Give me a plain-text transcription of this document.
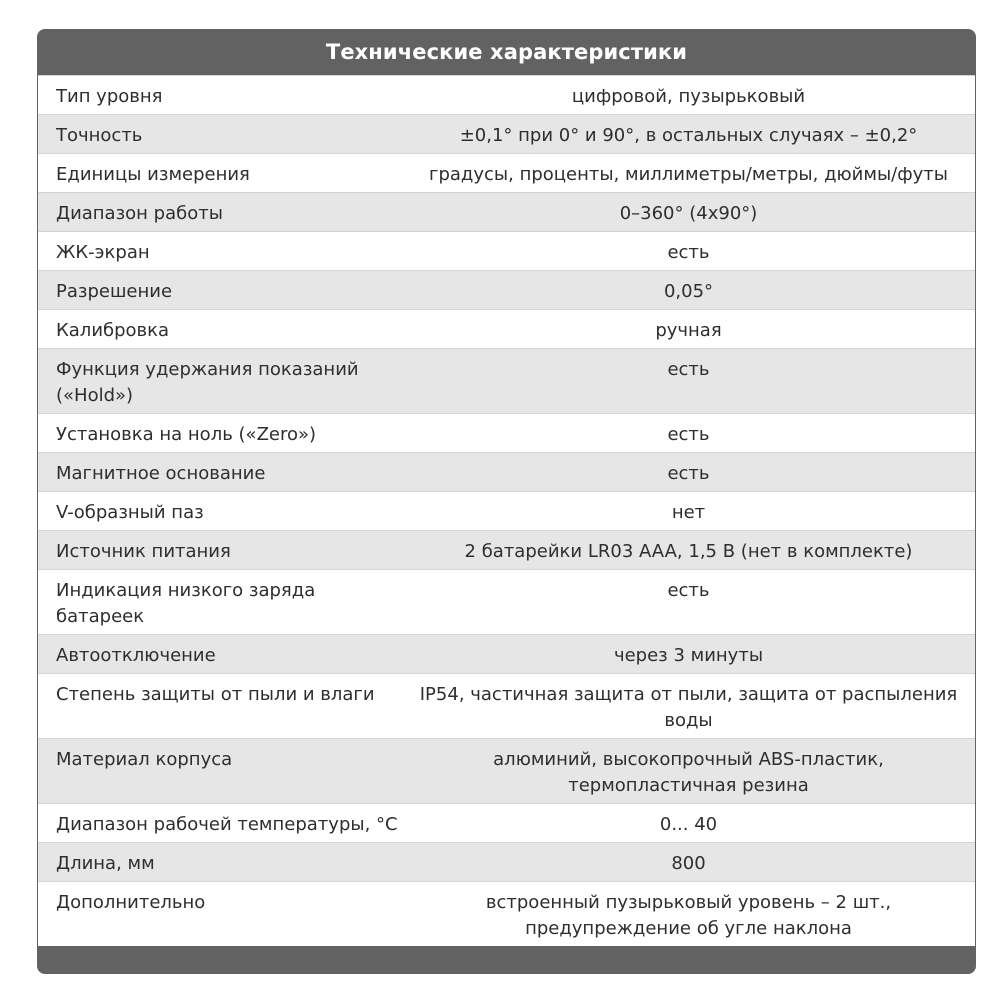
Технические характеристики
Тип уровня	цифровой, пузырьковый
Точность	±0,1° при 0° и 90°, в остальных случаях – ±0,2°
Единицы измерения	градусы, проценты, миллиметры/метры, дюймы/футы
Диапазон работы	0–360° (4x90°)
ЖК-экран	есть
Разрешение	0,05°
Калибровка	ручная
Функция удержания показаний («Hold»)	есть
Установка на ноль («Zero»)	есть
Магнитное основание	есть
V-образный паз	нет
Источник питания	2 батарейки LR03 AAA, 1,5 В (нет в комплекте)
Индикация низкого заряда батареек	есть
Автоотключение	через 3 минуты
Степень защиты от пыли и влаги	IP54, частичная защита от пыли, защита от распыления воды
Материал корпуса	алюминий, высокопрочный ABS-пластик, термопластичная резина
Диапазон рабочей температуры, °С	0... 40
Длина, мм	800
Дополнительно	встроенный пузырьковый уровень – 2 шт., предупреждение об угле наклона
